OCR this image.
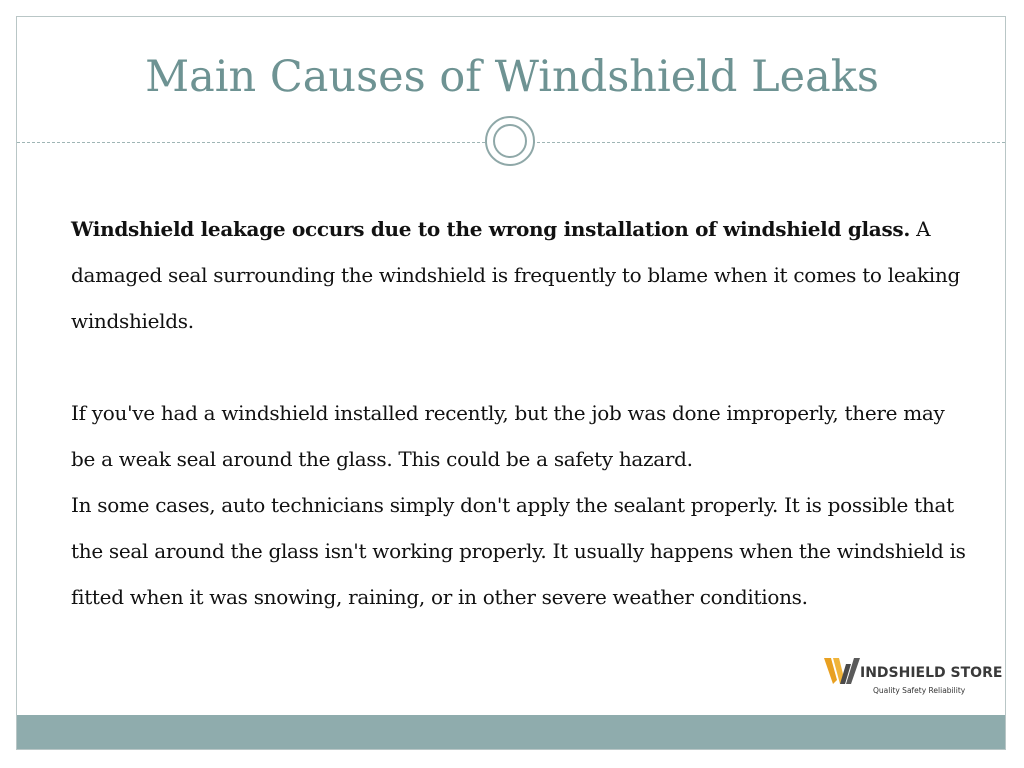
Main Causes of Windshield Leaks

Windshield leakage occurs due to the wrong installation of windshield glass. A damaged seal surrounding the windshield is frequently to blame when it comes to leaking windshields.

If you've had a windshield installed recently, but the job was done improperly, there may be a weak seal around the glass. This could be a safety hazard.

In some cases, auto technicians simply don't apply the sealant properly. It is possible that the seal around the glass isn't working properly. It usually happens when the windshield is fitted when it was snowing, raining, or in other severe weather conditions.

INDSHIELD STORE
Quality Safety Reliability
